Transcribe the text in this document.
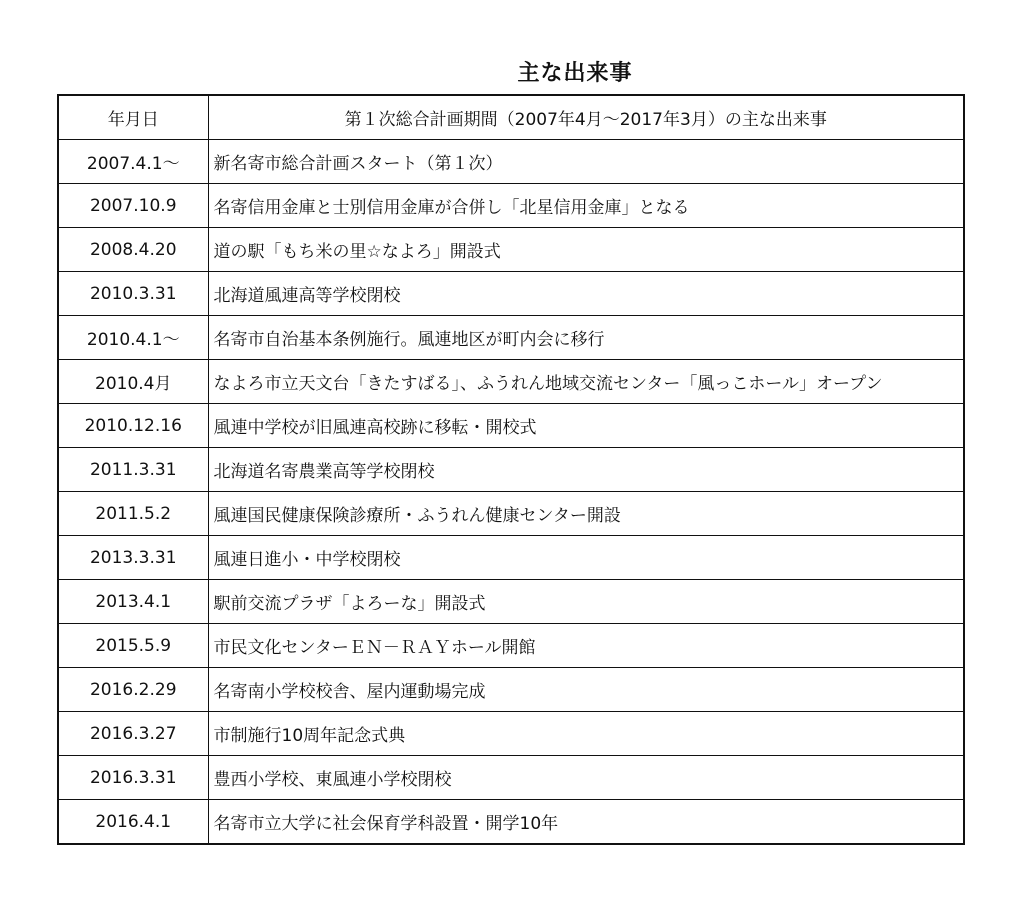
主な出来事
年月日	第１次総合計画期間（2007年4月～2017年3月）の主な出来事
2007.4.1～	新名寄市総合計画スタート（第１次）
2007.10.9	名寄信用金庫と士別信用金庫が合併し「北星信用金庫」となる
2008.4.20	道の駅「もち米の里☆なよろ」開設式
2010.3.31	北海道風連高等学校閉校
2010.4.1～	名寄市自治基本条例施行。風連地区が町内会に移行
2010.4月	なよろ市立天文台「きたすばる」、ふうれん地域交流センター「風っこホール」オープン
2010.12.16	風連中学校が旧風連高校跡に移転・開校式
2011.3.31	北海道名寄農業高等学校閉校
2011.5.2	風連国民健康保険診療所・ふうれん健康センター開設
2013.3.31	風連日進小・中学校閉校
2013.4.1	駅前交流プラザ「よろーな」開設式
2015.5.9	市民文化センターＥＮ－ＲＡＹホール開館
2016.2.29	名寄南小学校校舎、屋内運動場完成
2016.3.27	市制施行10周年記念式典
2016.3.31	豊西小学校、東風連小学校閉校
2016.4.1	名寄市立大学に社会保育学科設置・開学10年
